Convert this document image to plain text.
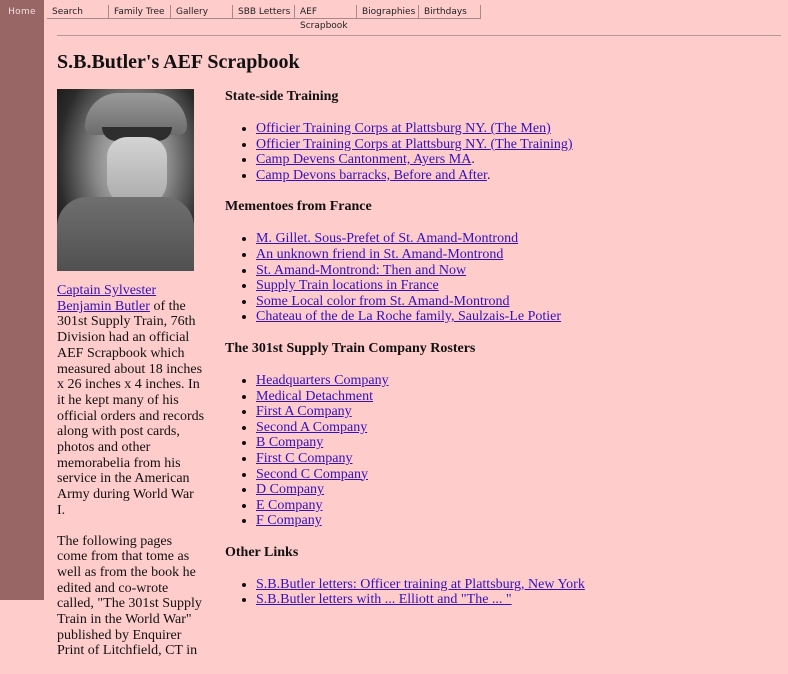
Home	Search	Family Tree	Gallery	SBB Letters	AEF Scrapbook
Biographies Birthdays
S.B.Butler's AEF Scrapbook

Captain Sylvester Benjamin Butler of the 301st Supply Train, 76th Division had an official AEF Scrapbook which measured about 18 inches x 26 inches x 4 inches. In it he kept many of his official orders and records along with post cards, photos and other memorabelia from his service in the American Army during World War I.

The following pages come from that tome as well as from the book he edited and co-wrote called, "The 301st Supply Train in the World War" published by Enquirer Print of Litchfield, CT in

State-side Training
• Officier Training Corps at Plattsburg NY. (The Men)
• Officier Training Corps at Plattsburg NY. (The Training)
• Camp Devens Cantonment, Ayers MA.
• Camp Devons barracks, Before and After.
Mementoes from France
• M. Gillet. Sous-Prefet of St. Amand-Montrond
• An unknown friend in St. Amand-Montrond
• St. Amand-Montrond: Then and Now
• Supply Train locations in France
• Some Local color from St. Amand-Montrond
• Chateau of the de La Roche family, Saulzais-Le Potier
The 301st Supply Train Company Rosters
• Headquarters Company
• Medical Detachment
• First A Company
• Second A Company
• B Company
• First C Company
• Second C Company
• D Company
• E Company
• F Company
Other Links
• S.B.Butler letters: Officer training at Plattsburg, New York
• S.B.Butler letters with ... Elliott and "The ... "
